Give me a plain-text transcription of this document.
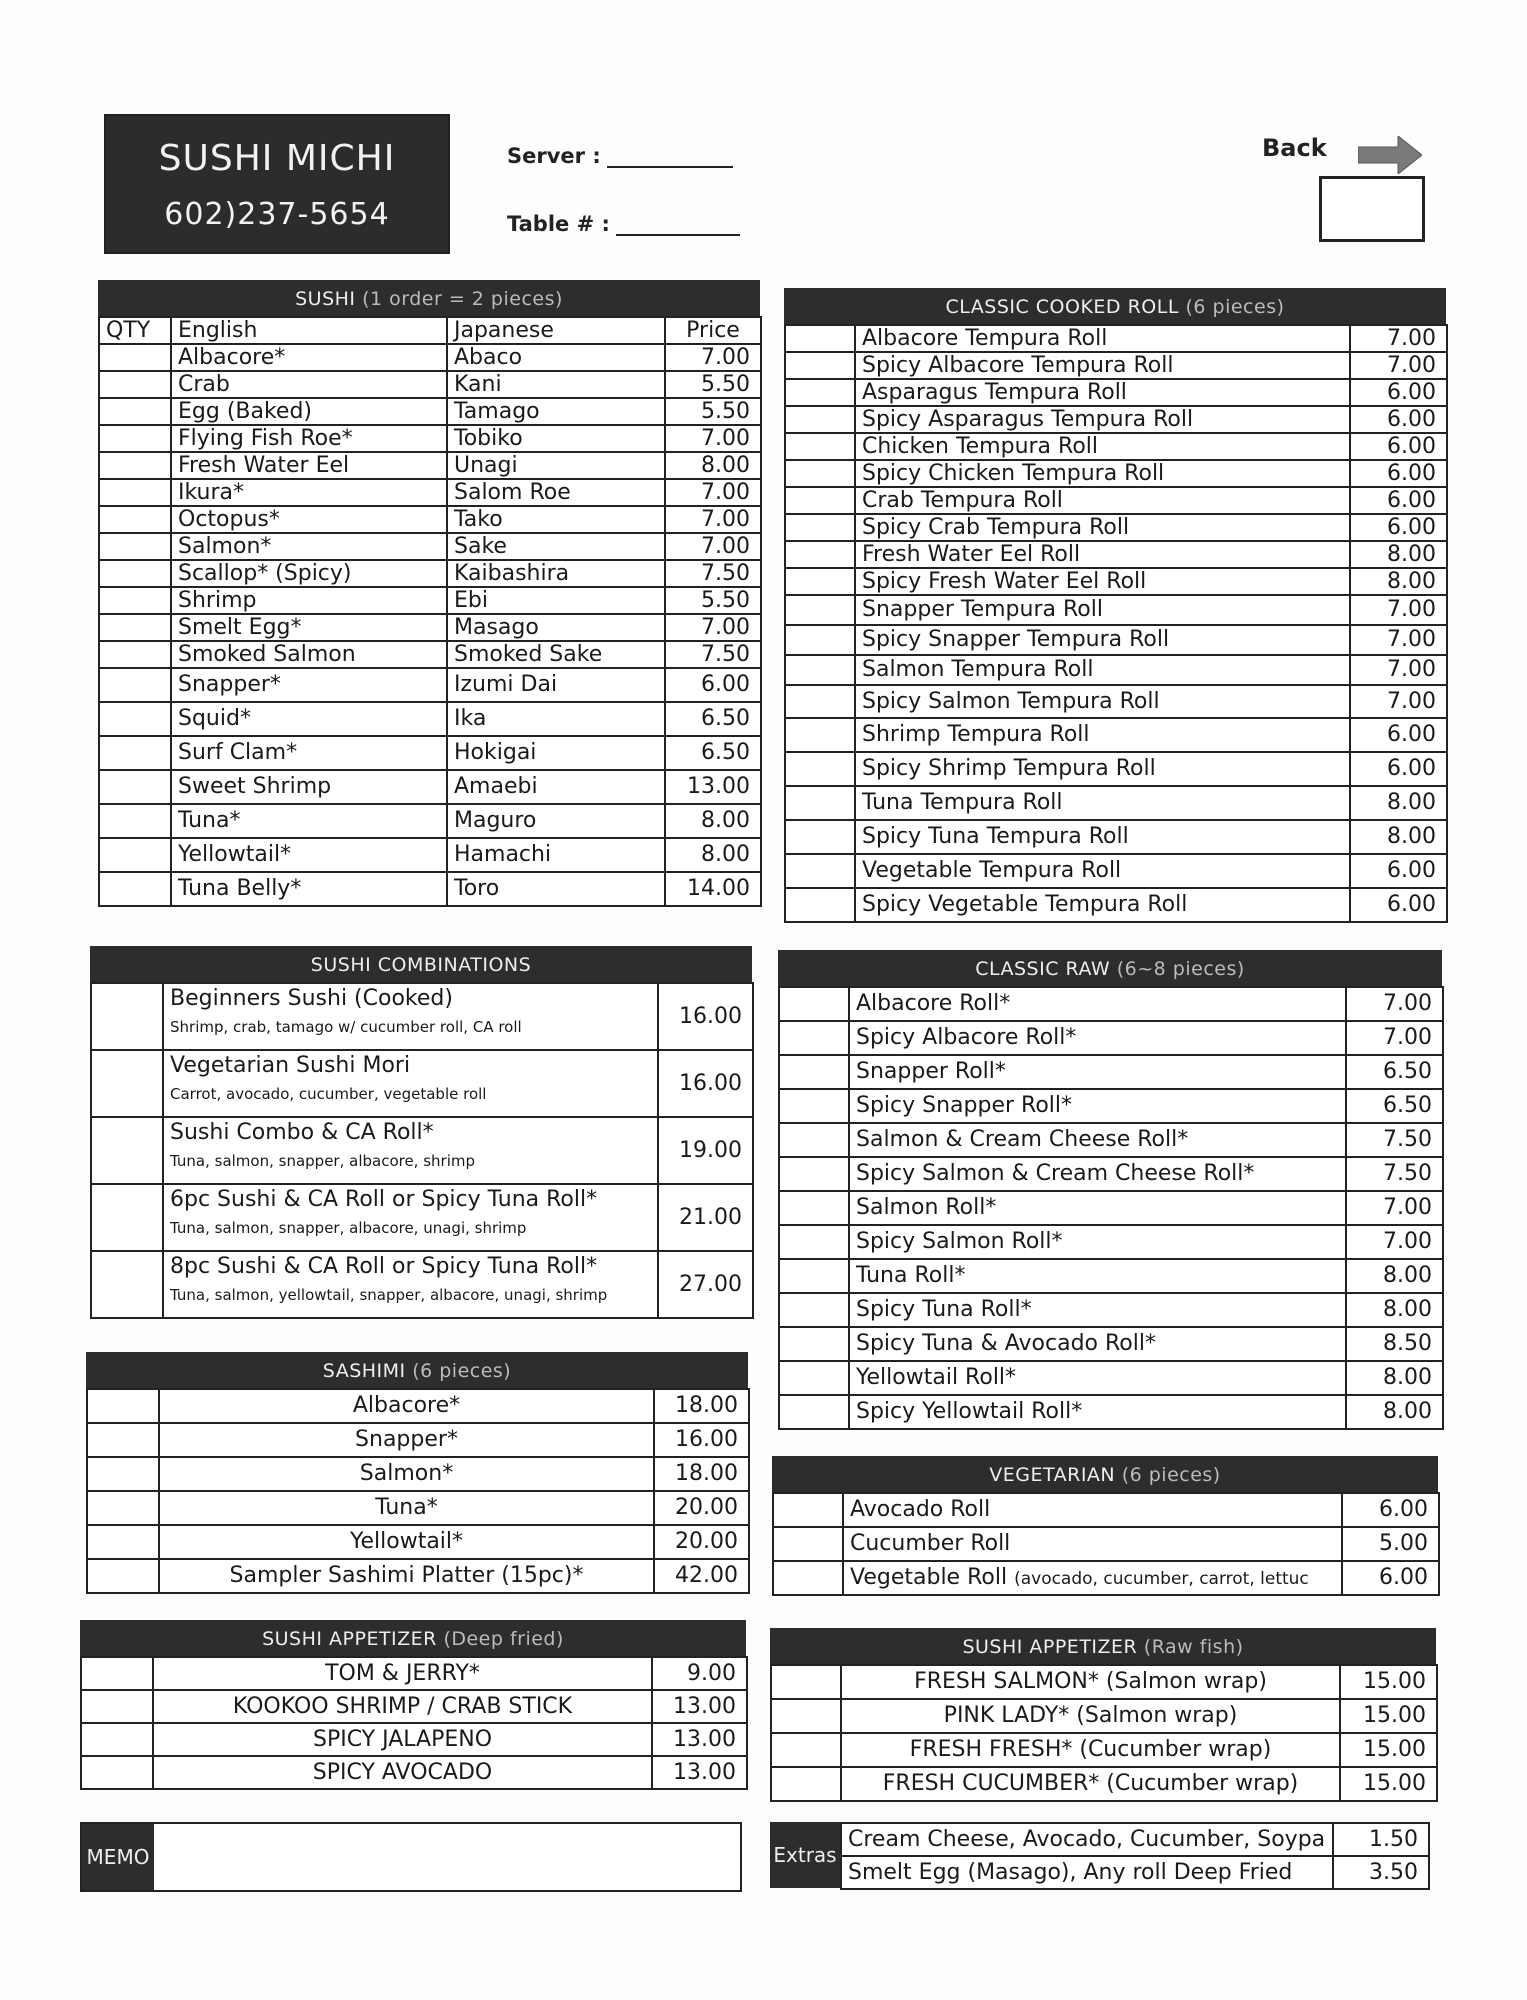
SUSHI MICHI
602)237-5654
Server :
Table # :
Back
SUSHI (1 order = 2 pieces)
QTY	English	Japanese	Price
	Albacore*	Abaco	7.00
	Crab	Kani	5.50
	Egg (Baked)	Tamago	5.50
	Flying Fish Roe*	Tobiko	7.00
	Fresh Water Eel	Unagi	8.00
	Ikura*	Salom Roe	7.00
	Octopus*	Tako	7.00
	Salmon*	Sake	7.00
	Scallop* (Spicy)	Kaibashira	7.50
	Shrimp	Ebi	5.50
	Smelt Egg*	Masago	7.00
	Smoked Salmon	Smoked Sake	7.50
	Snapper*	Izumi Dai	6.00
	Squid*	Ika	6.50
	Surf Clam*	Hokigai	6.50
	Sweet Shrimp	Amaebi	13.00
	Tuna*	Maguro	8.00
	Yellowtail*	Hamachi	8.00
	Tuna Belly*	Toro	14.00
SUSHI COMBINATIONS

	Beginners Sushi (Cooked)
Shrimp, crab, tamago w/ cucumber roll, CA roll	16.00

	Vegetarian Sushi Mori
Carrot, avocado, cucumber, vegetable roll	16.00

	Sushi Combo & CA Roll*
Tuna, salmon, snapper, albacore, shrimp	19.00

	6pc Sushi & CA Roll or Spicy Tuna Roll*
Tuna, salmon, snapper, albacore, unagi, shrimp	21.00

	8pc Sushi & CA Roll or Spicy Tuna Roll*
Tuna, salmon, yellowtail, snapper, albacore, unagi, shrimp	27.00
SASHIMI (6 pieces)
	Albacore*	18.00
	Snapper*	16.00
	Salmon*	18.00
	Tuna*	20.00
	Yellowtail*	20.00
	Sampler Sashimi Platter (15pc)*	42.00
SUSHI APPETIZER (Deep fried)
	TOM & JERRY*	9.00
	KOOKOO SHRIMP / CRAB STICK	13.00
	SPICY JALAPENO	13.00
	SPICY AVOCADO	13.00
MEMO
CLASSIC COOKED ROLL (6 pieces)
	Albacore Tempura Roll	7.00
	Spicy Albacore Tempura Roll	7.00
	Asparagus Tempura Roll	6.00
	Spicy Asparagus Tempura Roll	6.00
	Chicken Tempura Roll	6.00
	Spicy Chicken Tempura Roll	6.00
	Crab Tempura Roll	6.00
	Spicy Crab Tempura Roll	6.00
	Fresh Water Eel Roll	8.00
	Spicy Fresh Water Eel Roll	8.00
	Snapper Tempura Roll	7.00
	Spicy Snapper Tempura Roll	7.00
	Salmon Tempura Roll	7.00
	Spicy Salmon Tempura Roll	7.00
	Shrimp Tempura Roll	6.00
	Spicy Shrimp Tempura Roll	6.00
	Tuna Tempura Roll	8.00
	Spicy Tuna Tempura Roll	8.00
	Vegetable Tempura Roll	6.00
	Spicy Vegetable Tempura Roll	6.00
CLASSIC RAW (6~8 pieces)
	Albacore Roll*	7.00
	Spicy Albacore Roll*	7.00
	Snapper Roll*	6.50
	Spicy Snapper Roll*	6.50
	Salmon & Cream Cheese Roll*	7.50
	Spicy Salmon & Cream Cheese Roll*	7.50
	Salmon Roll*	7.00
	Spicy Salmon Roll*	7.00
	Tuna Roll*	8.00
	Spicy Tuna Roll*	8.00
	Spicy Tuna & Avocado Roll*	8.50
	Yellowtail Roll*	8.00
	Spicy Yellowtail Roll*	8.00
VEGETARIAN (6 pieces)
	Avocado Roll	6.00
	Cucumber Roll	5.00
	Vegetable Roll (avocado, cucumber, carrot, lettuc	6.00
SUSHI APPETIZER (Raw fish)
	FRESH SALMON* (Salmon wrap)	15.00
	PINK LADY* (Salmon wrap)	15.00
	FRESH FRESH* (Cucumber wrap)	15.00
	FRESH CUCUMBER* (Cucumber wrap)	15.00
Extras
Cream Cheese, Avocado, Cucumber, Soypa	1.50
Smelt Egg (Masago), Any roll Deep Fried	3.50
